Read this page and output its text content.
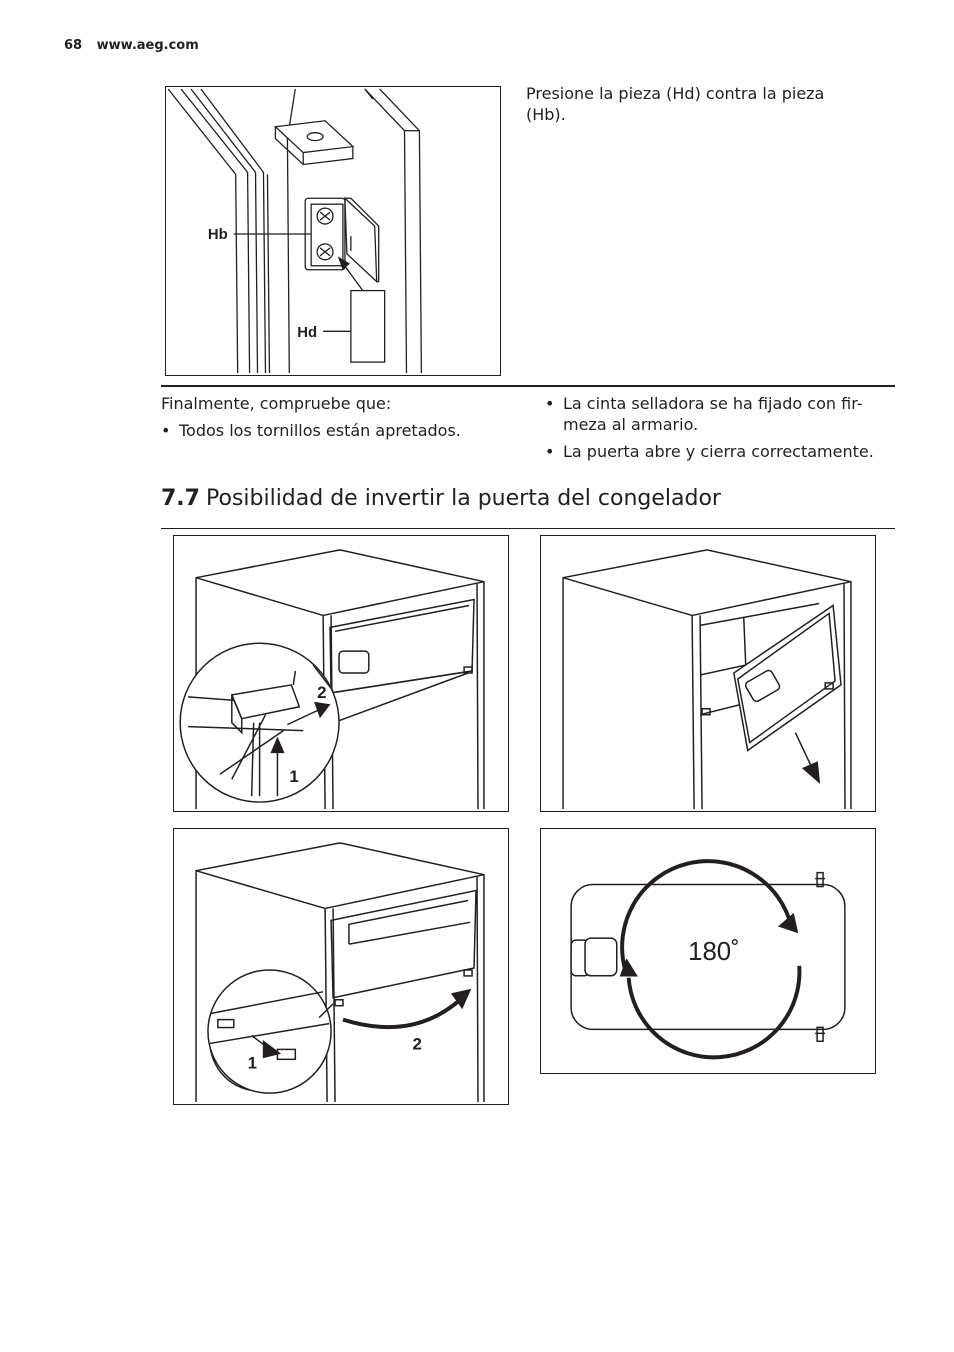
68 www.aeg.com
Hb
Hd
Presione la pieza (Hd) contra la pieza (Hb).
Finalmente, compruebe que:
• Todos los tornillos están apretados.
• La cinta selladora se ha fijado con fir- meza al armario.
• La puerta abre y cierra correctamente.
7.7 Posibilidad de invertir la puerta del congelador
1
2
1
2
180˚
